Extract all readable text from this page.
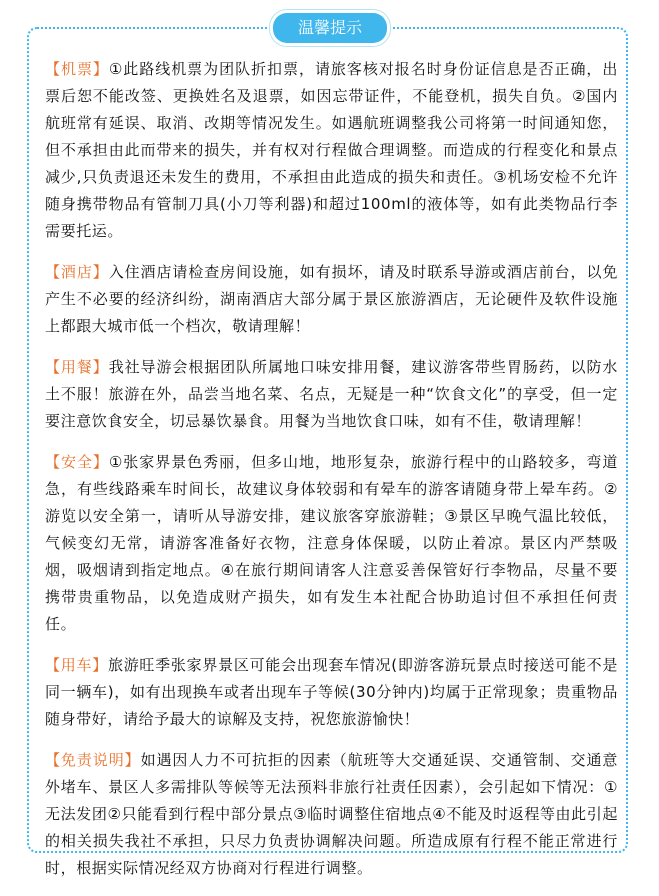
温馨提示

【机票】①此路线机票为团队折扣票，请旅客核对报名时身份证信息是否正确，出票后恕不能改签、更换姓名及退票，如因忘带证件，不能登机，损失自负。②国内航班常有延误、取消、改期等情况发生。如遇航班调整我公司将第一时间通知您，但不承担由此而带来的损失，并有权对行程做合理调整。而造成的行程变化和景点减少,只负责退还未发生的费用，不承担由此造成的损失和责任。③机场安检不允许随身携带物品有管制刀具(小刀等利器)和超过100ml的液体等，如有此类物品行李需要托运。

【酒店】入住酒店请检查房间设施，如有损坏，请及时联系导游或酒店前台，以免产生不必要的经济纠纷，湖南酒店大部分属于景区旅游酒店，无论硬件及软件设施上都跟大城市低一个档次，敬请理解！

【用餐】我社导游会根据团队所属地口味安排用餐，建议游客带些胃肠药，以防水土不服！旅游在外，品尝当地名菜、名点，无疑是一种“饮食文化”的享受，但一定要注意饮食安全，切忌暴饮暴食。用餐为当地饮食口味，如有不佳，敬请理解！

【安全】①张家界景色秀丽，但多山地，地形复杂，旅游行程中的山路较多，弯道急，有些线路乘车时间长，故建议身体较弱和有晕车的游客请随身带上晕车药。②游览以安全第一，请听从导游安排，建议旅客穿旅游鞋；③景区早晚气温比较低，气候变幻无常，请游客准备好衣物，注意身体保暖，以防止着凉。景区内严禁吸烟，吸烟请到指定地点。④在旅行期间请客人注意妥善保管好行李物品，尽量不要携带贵重物品，以免造成财产损失，如有发生本社配合协助追讨但不承担任何责任。

【用车】旅游旺季张家界景区可能会出现套车情况(即游客游玩景点时接送可能不是同一辆车)，如有出现换车或者出现车子等候(30分钟内)均属于正常现象；贵重物品随身带好，请给予最大的谅解及支持，祝您旅游愉快！

【免责说明】如遇因人力不可抗拒的因素（航班等大交通延误、交通管制、交通意外堵车、景区人多需排队等候等无法预料非旅行社责任因素），会引起如下情况：①无法发团②只能看到行程中部分景点③临时调整住宿地点④不能及时返程等由此引起的相关损失我社不承担，只尽力负责协调解决问题。所造成原有行程不能正常进行时，根据实际情况经双方协商对行程进行调整。
